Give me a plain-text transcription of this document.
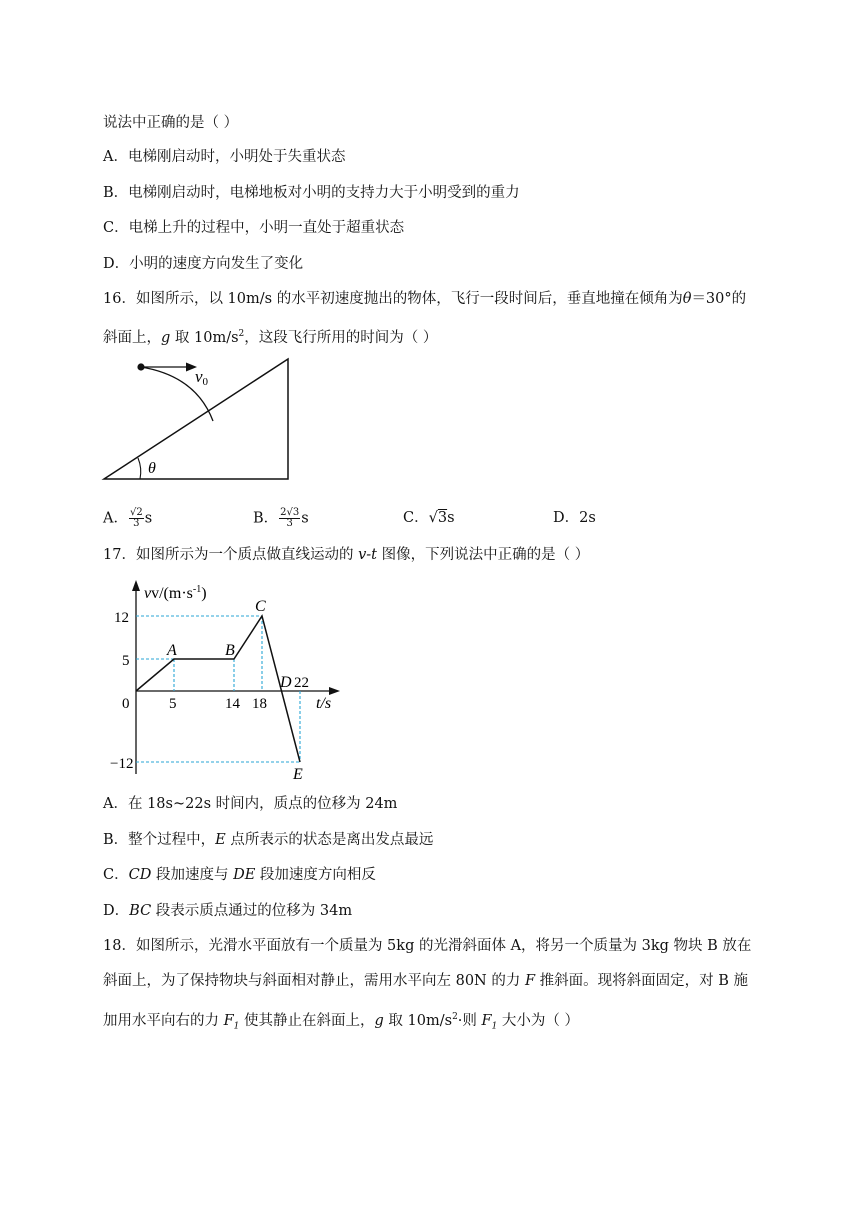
说法中正确的是（ ）
A．电梯刚启动时，小明处于失重状态
B．电梯刚启动时，电梯地板对小明的支持力大于小明受到的重力
C．电梯上升的过程中，小明一直处于超重状态
D．小明的速度方向发生了变化
16．如图所示，以 10m/s 的水平初速度抛出的物体，飞行一段时间后，垂直地撞在倾角为θ＝30°的
斜面上，g 取 $10m/s^2$，这段飞行所用的时间为（ ）
v0
θ
A． $\frac{√2}{3}$ s	B． $\frac{2√3}{3}$ s	C．√3s	D．2s
17．如图所示为一个质点做直线运动的 v-t 图像，下列说法中正确的是（ ）
$vv/(m\cdot s^{-1})$
t/s
0
12
5
−12
5	14 18
22
A	B
C
D
E
A．在 18s~22s 时间内，质点的位移为 24m
B．整个过程中，E 点所表示的状态是离出发点最远
C．CD 段加速度与 DE 段加速度方向相反
D．BC 段表示质点通过的位移为 34m
18．如图所示，光滑水平面放有一个质量为 5kg 的光滑斜面体 A，将另一个质量为 3kg 物块 B 放在
斜面上，为了保持物块与斜面相对静止，需用水平向左 80N 的力 F 推斜面。现将斜面固定，对 B 施
加用水平向右的力 $F_1$ 使其静止在斜面上，g 取 $10m/s^2\cdot$则 $F_1$ 大小为（ ）
